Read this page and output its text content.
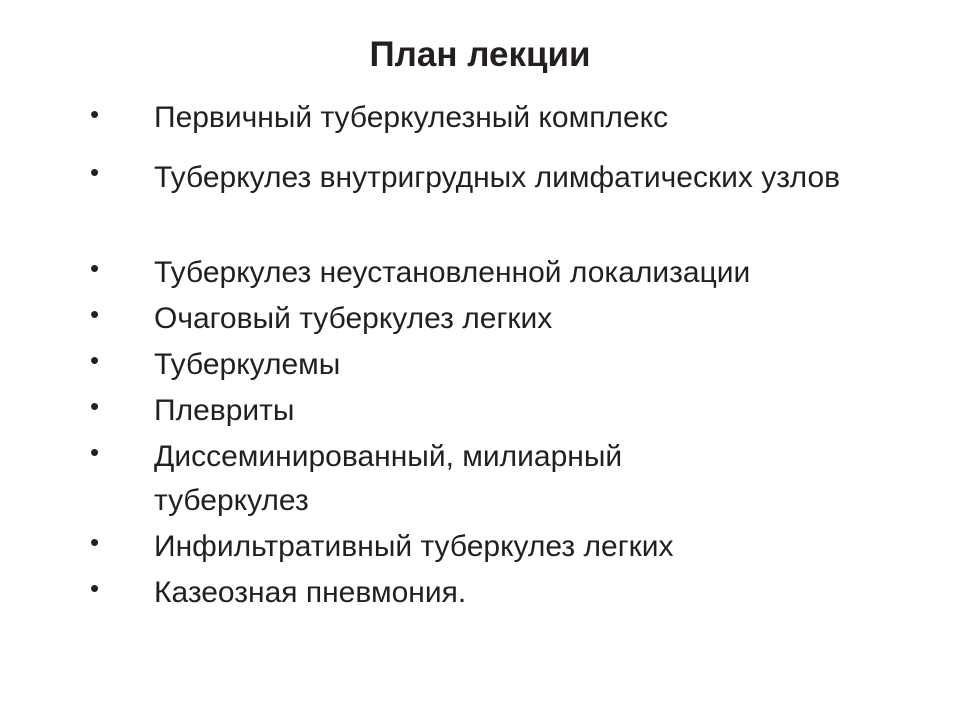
План лекции
• Первичный туберкулезный комплекс
• Туберкулез внутригрудных лимфатических узлов
• Туберкулез неустановленной локализации
• Очаговый туберкулез легких
• Туберкулемы
• Плевриты
• Диссеминированный, милиарный туберкулез
• Инфильтративный туберкулез легких
• Казеозная пневмония.
